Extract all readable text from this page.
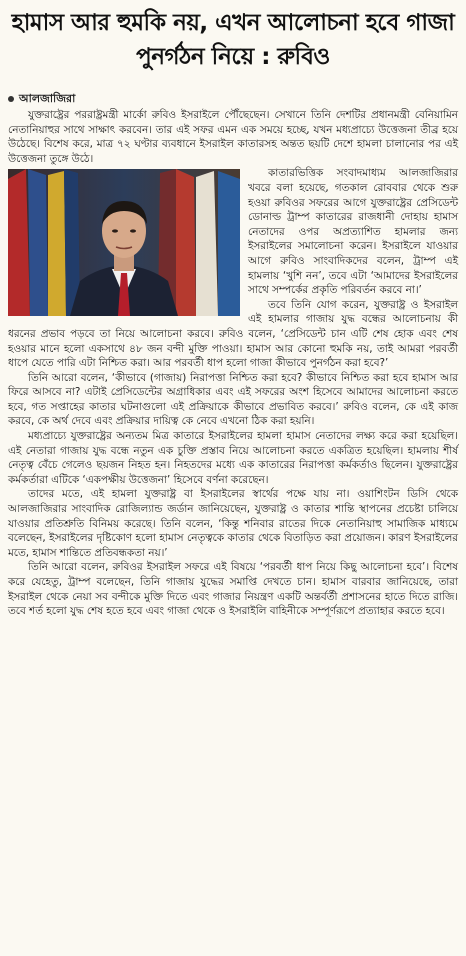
হামাস আর হুমকি নয়, এখন আলোচনা হবে গাজা পুনর্গঠন নিয়ে : রুবিও
আলজাজিরা

যুক্তরাষ্ট্রের পররাষ্ট্রমন্ত্রী মার্কো রুবিও ইসরাইলে পৌঁছেছেন। সেখানে তিনি দেশটির প্রধানমন্ত্রী বেনিয়ামিন নেতানিয়াহুর সাথে সাক্ষাৎ করবেন। তার এই সফর এমন এক সময়ে হচ্ছে, যখন মধ্যপ্রাচ্যে উত্তেজনা তীব্র হয়ে উঠেছে। বিশেষ করে, মাত্র ৭২ ঘণ্টার ব্যবধানে ইসরাইল কাতারসহ অন্তত ছয়টি দেশে হামলা চালানোর পর এই উত্তেজনা তুঙ্গে উঠে।

কাতারভিত্তিক সংবাদমাধ্যম আলজাজিরার খবরে বলা হয়েছে, গতকাল রোববার থেকে শুরু হওয়া রুবিওর সফরের আগে যুক্তরাষ্ট্রের প্রেসিডেন্ট ডোনাল্ড ট্রাম্প কাতারের রাজধানী দোহায় হামাস নেতাদের ওপর অপ্রত্যাশিত হামলার জন্য ইসরাইলের সমালোচনা করেন। ইসরাইলে যাওয়ার আগে রুবিও সাংবাদিকদের বলেন, ট্রাম্প এই হামলায় ‘খুশি নন’, তবে এটা ‘আমাদের ইসরাইলের সাথে সম্পর্কের প্রকৃতি পরিবর্তন করবে না।’

তবে তিনি যোগ করেন, যুক্তরাষ্ট্র ও ইসরাইল এই হামলার গাজায় যুদ্ধ বন্ধের আলোচনায় কী ধরনের প্রভাব পড়বে তা নিয়ে আলোচনা করবে। রুবিও বলেন, ‘প্রেসিডেন্ট চান এটি শেষ হোক এবং শেষ হওয়ার মানে হলো একসাথে ৪৮ জন বন্দী মুক্তি পাওয়া। হামাস আর কোনো হুমকি নয়, তাই আমরা পরবর্তী ধাপে যেতে পারি এটা নিশ্চিত করা। আর পরবর্তী ধাপ হলো গাজা কীভাবে পুনর্গঠন করা হবে?’

তিনি আরো বলেন, ‘কীভাবে (গাজায়) নিরাপত্তা নিশ্চিত করা হবে? কীভাবে নিশ্চিত করা হবে হামাস আর ফিরে আসবে না? এটাই প্রেসিডেন্টের অগ্রাধিকার এবং এই সফরের অংশ হিসেবে আমাদের আলোচনা করতে হবে, গত সপ্তাহের কাতার ঘটনাগুলো এই প্রক্রিয়াকে কীভাবে প্রভাবিত করবে।’ রুবিও বলেন, কে এই কাজ করবে, কে অর্থ দেবে এবং প্রক্রিয়ার দায়িত্ব কে নেবে এখনো ঠিক করা হয়নি।

মধ্যপ্রাচ্যে যুক্তরাষ্ট্রের অন্যতম মিত্র কাতারে ইসরাইলের হামলা হামাস নেতাদের লক্ষ্য করে করা হয়েছিল। এই নেতারা গাজায় যুদ্ধ বন্ধে নতুন এক চুক্তি প্রস্তাব নিয়ে আলোচনা করতে একত্রিত হয়েছিল। হামলায় শীর্ষ নেতৃত্ব বেঁচে গেলেও ছয়জন নিহত হন। নিহতদের মধ্যে এক কাতারের নিরাপত্তা কর্মকর্তাও ছিলেন। যুক্তরাষ্ট্রের কর্মকর্তারা এটিকে ‘একপক্ষীয় উত্তেজনা’ হিসেবে বর্ণনা করেছেন।

তাদের মতে, এই হামলা যুক্তরাষ্ট্র বা ইসরাইলের স্বার্থের পক্ষে যায় না। ওয়াশিংটন ডিসি থেকে আলজাজিরার সাংবাদিক রোজিল্যান্ড জর্ডান জানিয়েছেন, যুক্তরাষ্ট্র ও কাতার শান্তি স্থাপনের প্রচেষ্টা চালিয়ে যাওয়ার প্রতিশ্রুতি বিনিময় করেছে। তিনি বলেন, ‘কিন্তু শনিবার রাতের দিকে নেতানিয়াহু সামাজিক মাধ্যমে বলেছেন, ইসরাইলের দৃষ্টিকোণ হলো হামাস নেতৃত্বকে কাতার থেকে বিতাড়িত করা প্রয়োজন। কারণ ইসরাইলের মতে, হামাস শান্তিতে প্রতিবন্ধকতা নয়।’

তিনি আরো বলেন, রুবিওর ইসরাইল সফরে এই বিষয়ে ‘পরবর্তী ধাপ নিয়ে কিছু আলোচনা হবে’। বিশেষ করে যেহেতু, ট্রাম্প বলেছেন, তিনি গাজায় যুদ্ধের সমাপ্তি দেখতে চান। হামাস বারবার জানিয়েছে, তারা ইসরাইল থেকে নেয়া সব বন্দীকে মুক্তি দিতে এবং গাজার নিয়ন্ত্রণ একটি অন্তর্বর্তী প্রশাসনের হাতে দিতে রাজি। তবে শর্ত হলো যুদ্ধ শেষ হতে হবে এবং গাজা থেকে ও ইসরাইলি বাহিনীকে সম্পূর্ণরূপে প্রত্যাহার করতে হবে।
